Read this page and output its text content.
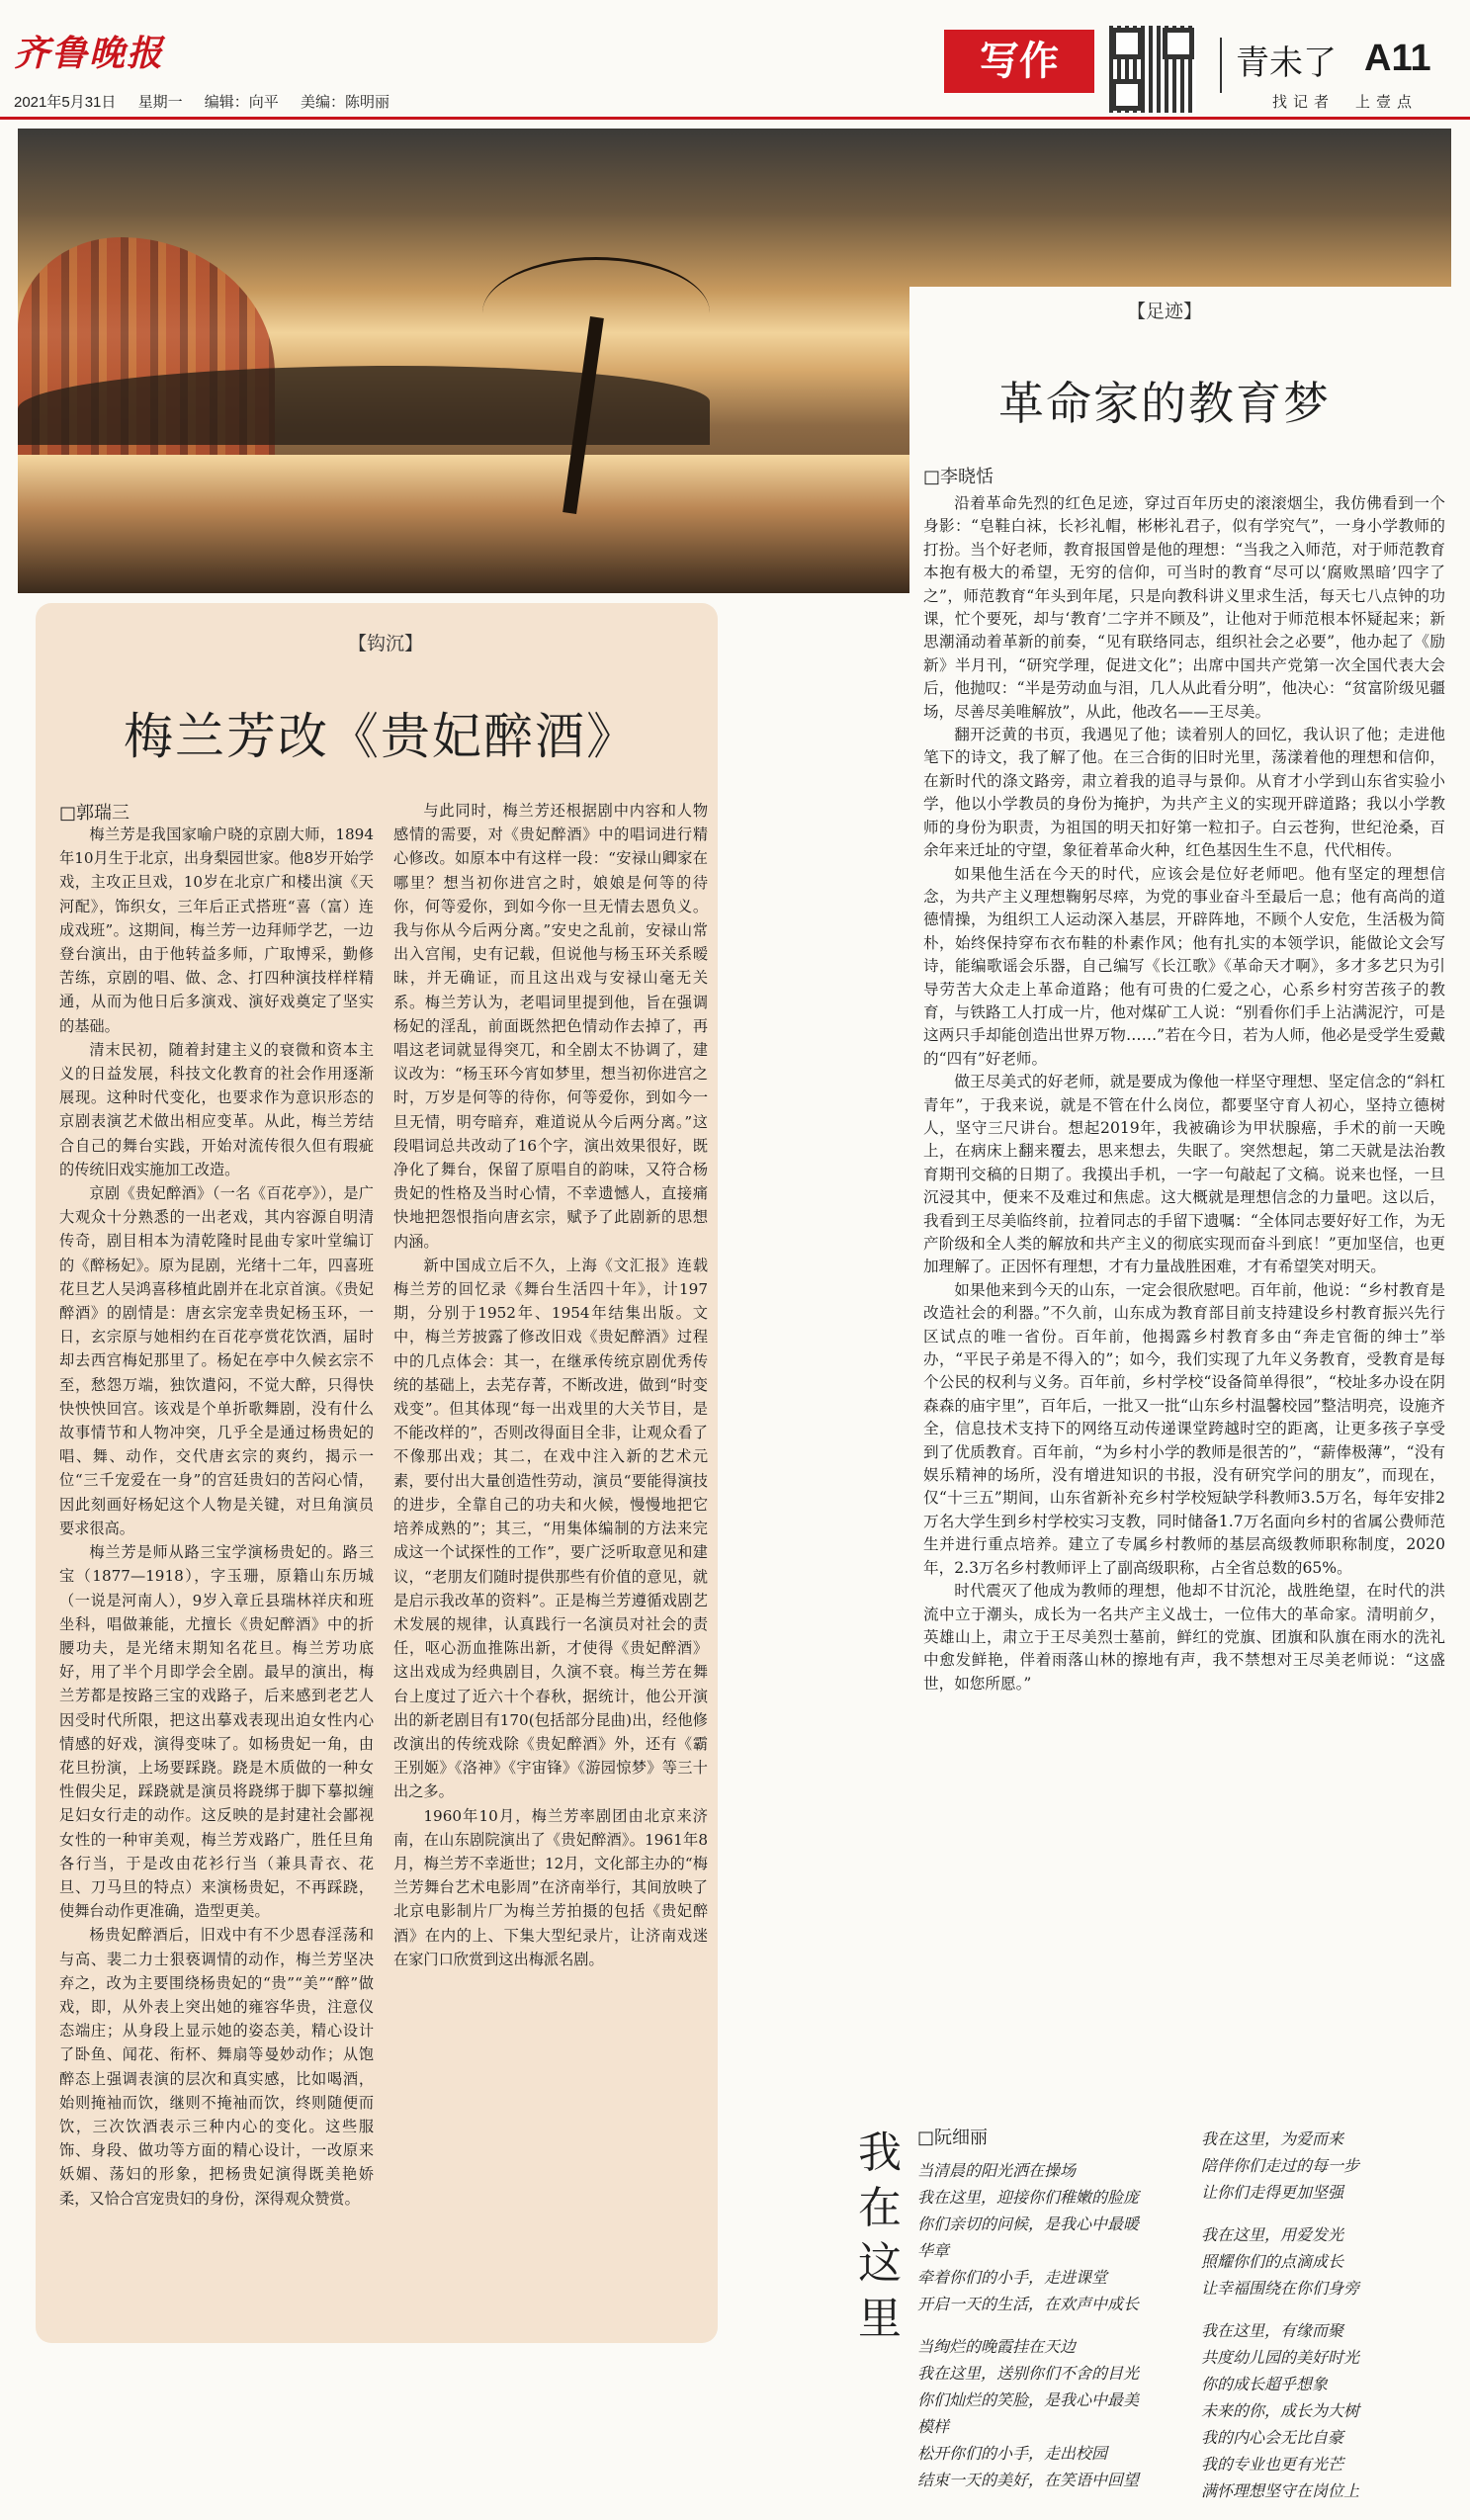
齐鲁晚报
2021年5月31日 星期一 编辑：向平 美编：陈明丽
写作	青未了 A11
找记者　上壹点
【足迹】
革命家的教育梦
□李晓恬

沿着革命先烈的红色足迹，穿过百年历史的滚滚烟尘，我仿佛看到一个身影：“皂鞋白袜，长衫礼帽，彬彬礼君子，似有学究气”，一身小学教师的打扮。当个好老师，教育报国曾是他的理想：“当我之入师范，对于师范教育本抱有极大的希望，无穷的信仰，可当时的教育“尽可以‘腐败黑暗’四字了之”，师范教育“年头到年尾，只是向教科讲义里求生活，每天七八点钟的功课，忙个要死，却与‘教育’二字并不顾及”，让他对于师范根本怀疑起来；新思潮涌动着革新的前奏，“见有联络同志，组织社会之必要”，他办起了《励新》半月刊，“研究学理，促进文化”；出席中国共产党第一次全国代表大会后，他抛叹：“半是劳动血与泪，几人从此看分明”，他决心：“贫富阶级见疆场，尽善尽美唯解放”，从此，他改名——王尽美。

翻开泛黄的书页，我遇见了他；读着别人的回忆，我认识了他；走进他笔下的诗文，我了解了他。在三合街的旧时光里，荡漾着他的理想和信仰，在新时代的涤文路旁，肃立着我的追寻与景仰。从育才小学到山东省实验小学，他以小学教员的身份为掩护，为共产主义的实现开辟道路；我以小学教师的身份为职责，为祖国的明天扣好第一粒扣子。白云苍狗，世纪沧桑，百余年来迁址的守望，象征着革命火种，红色基因生生不息，代代相传。

如果他生活在今天的时代，应该会是位好老师吧。他有坚定的理想信念，为共产主义理想鞠躬尽瘁，为党的事业奋斗至最后一息；他有高尚的道德情操，为组织工人运动深入基层，开辟阵地，不顾个人安危，生活极为简朴，始终保持穿布衣布鞋的朴素作风；他有扎实的本领学识，能做论文会写诗，能编歌谣会乐器，自己编写《长江歌》《革命天才啊》，多才多艺只为引导劳苦大众走上革命道路；他有可贵的仁爱之心，心系乡村穷苦孩子的教育，与铁路工人打成一片，他对煤矿工人说：“别看你们手上沾满泥泞，可是这两只手却能创造出世界万物……”若在今日，若为人师，他必是受学生爱戴的“四有”好老师。

做王尽美式的好老师，就是要成为像他一样坚守理想、坚定信念的“斜杠青年”，于我来说，就是不管在什么岗位，都要坚守育人初心，坚持立德树人，坚守三尺讲台。想起2019年，我被确诊为甲状腺癌，手术的前一天晚上，在病床上翻来覆去，思来想去，失眠了。突然想起，第二天就是法治教育期刊交稿的日期了。我摸出手机，一字一句敲起了文稿。说来也怪，一旦沉浸其中，便来不及难过和焦虑。这大概就是理想信念的力量吧。这以后，我看到王尽美临终前，拉着同志的手留下遗嘱：“全体同志要好好工作，为无产阶级和全人类的解放和共产主义的彻底实现而奋斗到底！”更加坚信，也更加理解了。正因怀有理想，才有力量战胜困难，才有希望笑对明天。

如果他来到今天的山东，一定会很欣慰吧。百年前，他说：“乡村教育是改造社会的利器。”不久前，山东成为教育部目前支持建设乡村教育振兴先行区试点的唯一省份。百年前，他揭露乡村教育多由“奔走官衙的绅士”举办，“平民子弟是不得入的”；如今，我们实现了九年义务教育，受教育是每个公民的权利与义务。百年前，乡村学校“设备简单得很”，“校址多办设在阴森森的庙宇里”，百年后，一批又一批“山东乡村温馨校园”整洁明亮，设施齐全，信息技术支持下的网络互动传递课堂跨越时空的距离，让更多孩子享受到了优质教育。百年前，“为乡村小学的教师是很苦的”，“薪俸极薄”，“没有娱乐精神的场所，没有增进知识的书报，没有研究学问的朋友”，而现在，仅“十三五”期间，山东省新补充乡村学校短缺学科教师3.5万名，每年安排2万名大学生到乡村学校实习支教，同时储备1.7万名面向乡村的省属公费师范生并进行重点培养。建立了专属乡村教师的基层高级教师职称制度，2020年，2.3万名乡村教师评上了副高级职称，占全省总数的65%。

时代震灭了他成为教师的理想，他却不甘沉沦，战胜绝望，在时代的洪流中立于潮头，成长为一名共产主义战士，一位伟大的革命家。清明前夕，英雄山上，肃立于王尽美烈士墓前，鲜红的党旗、团旗和队旗在雨水的洗礼中愈发鲜艳，伴着雨落山林的擦地有声，我不禁想对王尽美老师说：“这盛世，如您所愿。”

【钩沉】
梅兰芳改《贵妃醉酒》
□郭瑞三

梅兰芳是我国家喻户晓的京剧大师，1894年10月生于北京，出身梨园世家。他8岁开始学戏，主攻正旦戏，10岁在北京广和楼出演《天河配》，饰织女，三年后正式搭班“喜（富）连成戏班”。这期间，梅兰芳一边拜师学艺，一边登台演出，由于他转益多师，广取博采，勤修苦练，京剧的唱、做、念、打四种演技样样精通，从而为他日后多演戏、演好戏奠定了坚实的基础。

清末民初，随着封建主义的衰微和资本主义的日益发展，科技文化教育的社会作用逐渐展现。这种时代变化，也要求作为意识形态的京剧表演艺术做出相应变革。从此，梅兰芳结合自己的舞台实践，开始对流传很久但有瑕疵的传统旧戏实施加工改造。

京剧《贵妃醉酒》（一名《百花亭》），是广大观众十分熟悉的一出老戏，其内容源自明清传奇，剧目相本为清乾隆时昆曲专家叶堂编订的《醉杨妃》。原为昆剧，光绪十二年，四喜班花旦艺人吴鸿喜移植此剧并在北京首演。《贵妃醉酒》的剧情是：唐玄宗宠幸贵妃杨玉环，一日，玄宗原与她相约在百花亭赏花饮酒，届时却去西宫梅妃那里了。杨妃在亭中久候玄宗不至，愁怨万端，独饮遣闷，不觉大醉，只得快快怏怏回宫。该戏是个单折歌舞剧，没有什么故事情节和人物冲突，几乎全是通过杨贵妃的唱、舞、动作，交代唐玄宗的爽约，揭示一位“三千宠爱在一身”的宫廷贵妇的苦闷心情，因此刻画好杨妃这个人物是关键，对旦角演员要求很高。

梅兰芳是师从路三宝学演杨贵妃的。路三宝（1877—1918），字玉珊，原籍山东历城（一说是河南人），9岁入章丘县瑞林祥庆和班坐科，唱做兼能，尤擅长《贵妃醉酒》中的折腰功夫，是光绪末期知名花旦。梅兰芳功底好，用了半个月即学会全剧。最早的演出，梅兰芳都是按路三宝的戏路子，后来感到老艺人因受时代所限，把这出摹戏表现出迫女性内心情感的好戏，演得变味了。如杨贵妃一角，由花旦扮演，上场要踩跷。跷是木质做的一种女性假尖足，踩跷就是演员将跷绑于脚下摹拟缠足妇女行走的动作。这反映的是封建社会鄙视女性的一种审美观，梅兰芳戏路广，胜任旦角各行当，于是改由花衫行当（兼具青衣、花旦、刀马旦的特点）来演杨贵妃，不再踩跷，使舞台动作更准确，造型更美。

杨贵妃醉酒后，旧戏中有不少恩春淫荡和与高、裴二力士狠亵调情的动作，梅兰芳坚决弃之，改为主要围绕杨贵妃的“贵”“美”“醉”做戏，即，从外表上突出她的雍容华贵，注意仪态端庄；从身段上显示她的姿态美，精心设计了卧鱼、闻花、衔杯、舞扇等曼妙动作；从饱醉态上强调表演的层次和真实感，比如喝酒，始则掩袖而饮，继则不掩袖而饮，终则随便而饮，三次饮酒表示三种内心的变化。这些服饰、身段、做功等方面的精心设计，一改原来妖媚、荡妇的形象，把杨贵妃演得既美艳娇柔，又恰合宫宠贵妇的身份，深得观众赞赏。

与此同时，梅兰芳还根据剧中内容和人物感情的需要，对《贵妃醉酒》中的唱词进行精心修改。如原本中有这样一段：“安禄山卿家在哪里？想当初你进宫之时，娘娘是何等的待你，何等爱你，到如今你一旦无情去恩负义。我与你从今后两分离。”安史之乱前，安禄山常出入宫闱，史有记载，但说他与杨玉环关系暧昧，并无确证，而且这出戏与安禄山毫无关系。梅兰芳认为，老唱词里提到他，旨在强调杨妃的淫乱，前面既然把色情动作去掉了，再唱这老词就显得突兀，和全剧太不协调了，建议改为：“杨玉环今宵如梦里，想当初你进宫之时，万岁是何等的待你，何等爱你，到如今一旦无情，明夸暗弃，难道说从今后两分离。”这段唱词总共改动了16个字，演出效果很好，既净化了舞台，保留了原唱自的韵味，又符合杨贵妃的性格及当时心情，不幸遗憾人，直接痛快地把怨恨指向唐玄宗，赋予了此剧新的思想内涵。

新中国成立后不久，上海《文汇报》连载梅兰芳的回忆录《舞台生活四十年》，计197期，分别于1952年、1954年结集出版。文中，梅兰芳披露了修改旧戏《贵妃醉酒》过程中的几点体会：其一，在继承传统京剧优秀传统的基础上，去芜存菁，不断改进，做到“时变戏变”。但其体现“每一出戏里的大关节目，是不能改样的”，否则改得面目全非，让观众看了不像那出戏；其二，在戏中注入新的艺术元素，要付出大量创造性劳动，演员“要能得演技的进步，全靠自己的功夫和火候，慢慢地把它培养成熟的”；其三，“用集体编制的方法来完成这一个试探性的工作”，要广泛听取意见和建议，“老朋友们随时提供那些有价值的意见，就是启示我改革的资料”。正是梅兰芳遵循戏剧艺术发展的规律，认真践行一名演员对社会的责任，呕心沥血推陈出新，才使得《贵妃醉酒》这出戏成为经典剧目，久演不衰。梅兰芳在舞台上度过了近六十个春秋，据统计，他公开演出的新老剧目有170(包括部分昆曲)出，经他修改演出的传统戏除《贵妃醉酒》外，还有《霸王别姬》《洛神》《宇宙锋》《游园惊梦》等三十出之多。

1960年10月，梅兰芳率剧团由北京来济南，在山东剧院演出了《贵妃醉酒》。1961年8月，梅兰芳不幸逝世；12月，文化部主办的“梅兰芳舞台艺术电影周”在济南举行，其间放映了北京电影制片厂为梅兰芳拍摄的包括《贵妃醉酒》在内的上、下集大型纪录片，让济南戏迷在家门口欣赏到这出梅派名剧。

我在这里
□阮细丽

当清晨的阳光洒在操场
我在这里，迎接你们稚嫩的脸庞
你们亲切的问候，是我心中最暖
华章
牵着你们的小手，走进课堂
开启一天的生活，在欢声中成长

当绚烂的晚霞挂在天边
我在这里，送别你们不舍的目光
你们灿烂的笑脸，是我心中最美
模样
松开你们的小手，走出校园
结束一天的美好，在笑语中回望

我在这里，为爱而来
陪伴你们走过的每一步
让你们走得更加坚强

我在这里，用爱发光
照耀你们的点滴成长
让幸福围绕在你们身旁

我在这里，有缘而聚
共度幼儿园的美好时光
你的成长超乎想象
未来的你，成长为大树
我的内心会无比自豪
我的专业也更有光芒
满怀理想坚守在岗位上
